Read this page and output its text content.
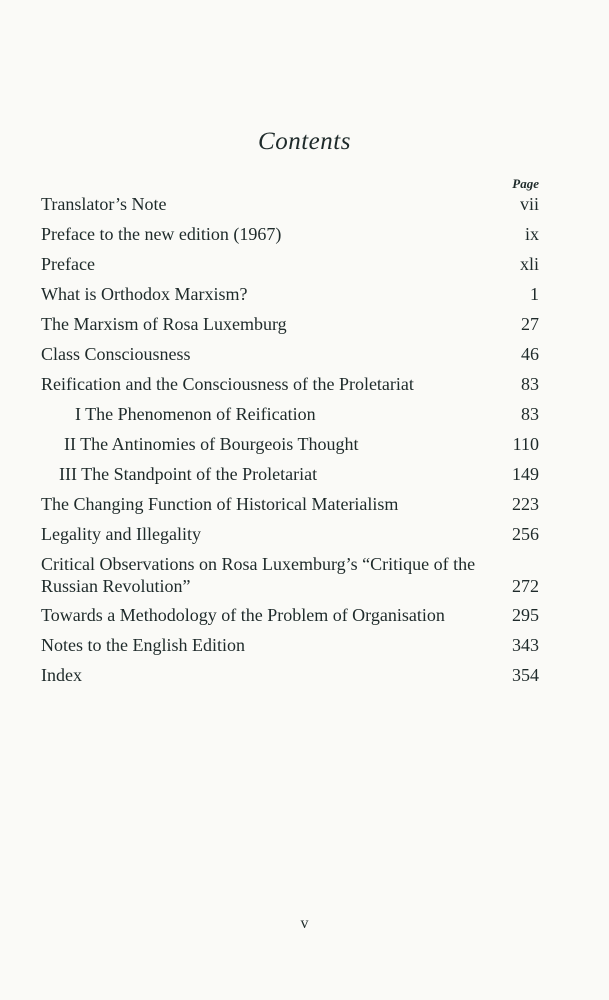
Contents
Page
Translator’s Note	vii
Preface to the new edition (1967)	ix
Preface	xli
What is Orthodox Marxism?	1
The Marxism of Rosa Luxemburg	27
Class Consciousness	46
Reification and the Consciousness of the Proletariat	83
I The Phenomenon of Reification	83
II The Antinomies of Bourgeois Thought	110
III The Standpoint of the Proletariat	149
The Changing Function of Historical Materialism	223
Legality and Illegality	256
Critical Observations on Rosa Luxemburg’s “Critique of the Russian Revolution”	272
Towards a Methodology of the Problem of Organisation	295
Notes to the English Edition	343
Index	354
v
